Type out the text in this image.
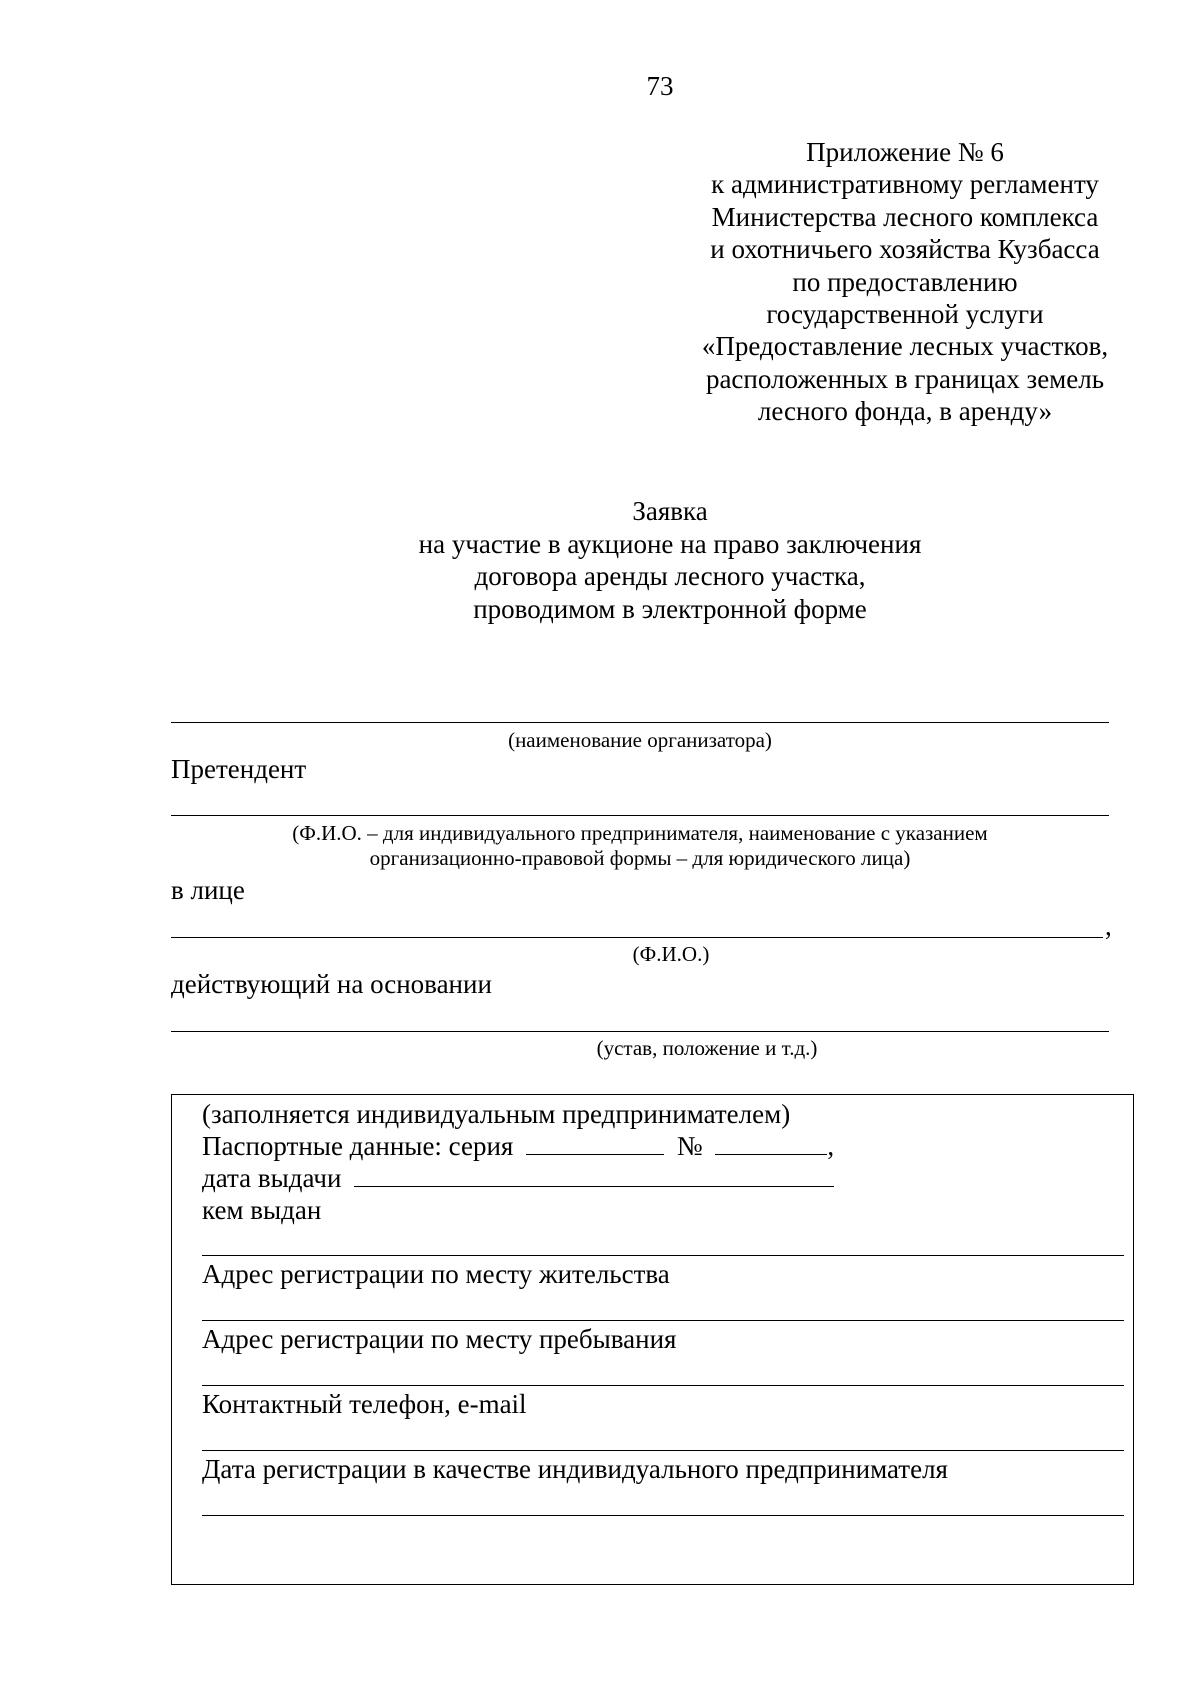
73
Приложение № 6
к административному регламенту
Министерства лесного комплекса
и охотничьего хозяйства Кузбасса
по предоставлению
государственной услуги
«Предоставление лесных участков,
расположенных в границах земель
лесного фонда, в аренду»
Заявка
на участие в аукционе на право заключения
договора аренды лесного участка,
проводимом в электронной форме
(наименование организатора)
Претендент
(Ф.И.О. – для индивидуального предпринимателя, наименование с указанием
организационно-правовой формы – для юридического лица)
в лице
,
(Ф.И.О.)
действующий на основании
(устав, положение и т.д.)
(заполняется индивидуальным предпринимателем)
Паспортные данные: серия	№	,
дата выдачи
кем выдан
Адрес регистрации по месту жительства
Адрес регистрации по месту пребывания
Контактный телефон, e-mail
Дата регистрации в качестве индивидуального предпринимателя
